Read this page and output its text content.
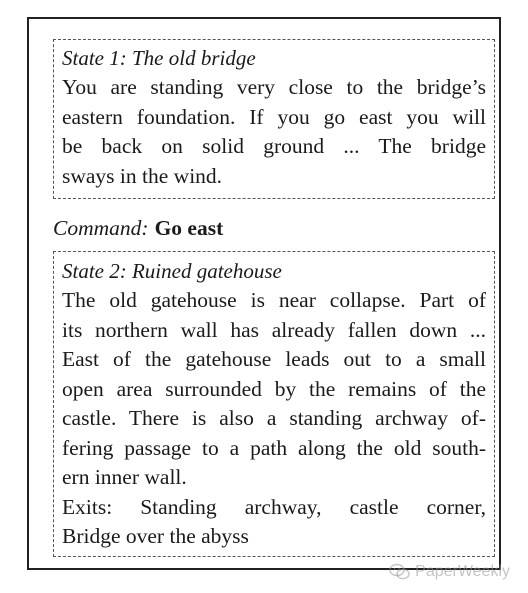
State 1: The old bridge
You are standing very close to the bridge’s
eastern foundation. If you go east you will
be back on solid ground ... The bridge
sways in the wind.
Command: Go east
State 2: Ruined gatehouse
The old gatehouse is near collapse. Part of
its northern wall has already fallen down ...
East of the gatehouse leads out to a small
open area surrounded by the remains of the
castle. There is also a standing archway of-
fering passage to a path along the old south-
ern inner wall.
Exits: Standing archway, castle corner,
Bridge over the abyss
PaperWeekly
